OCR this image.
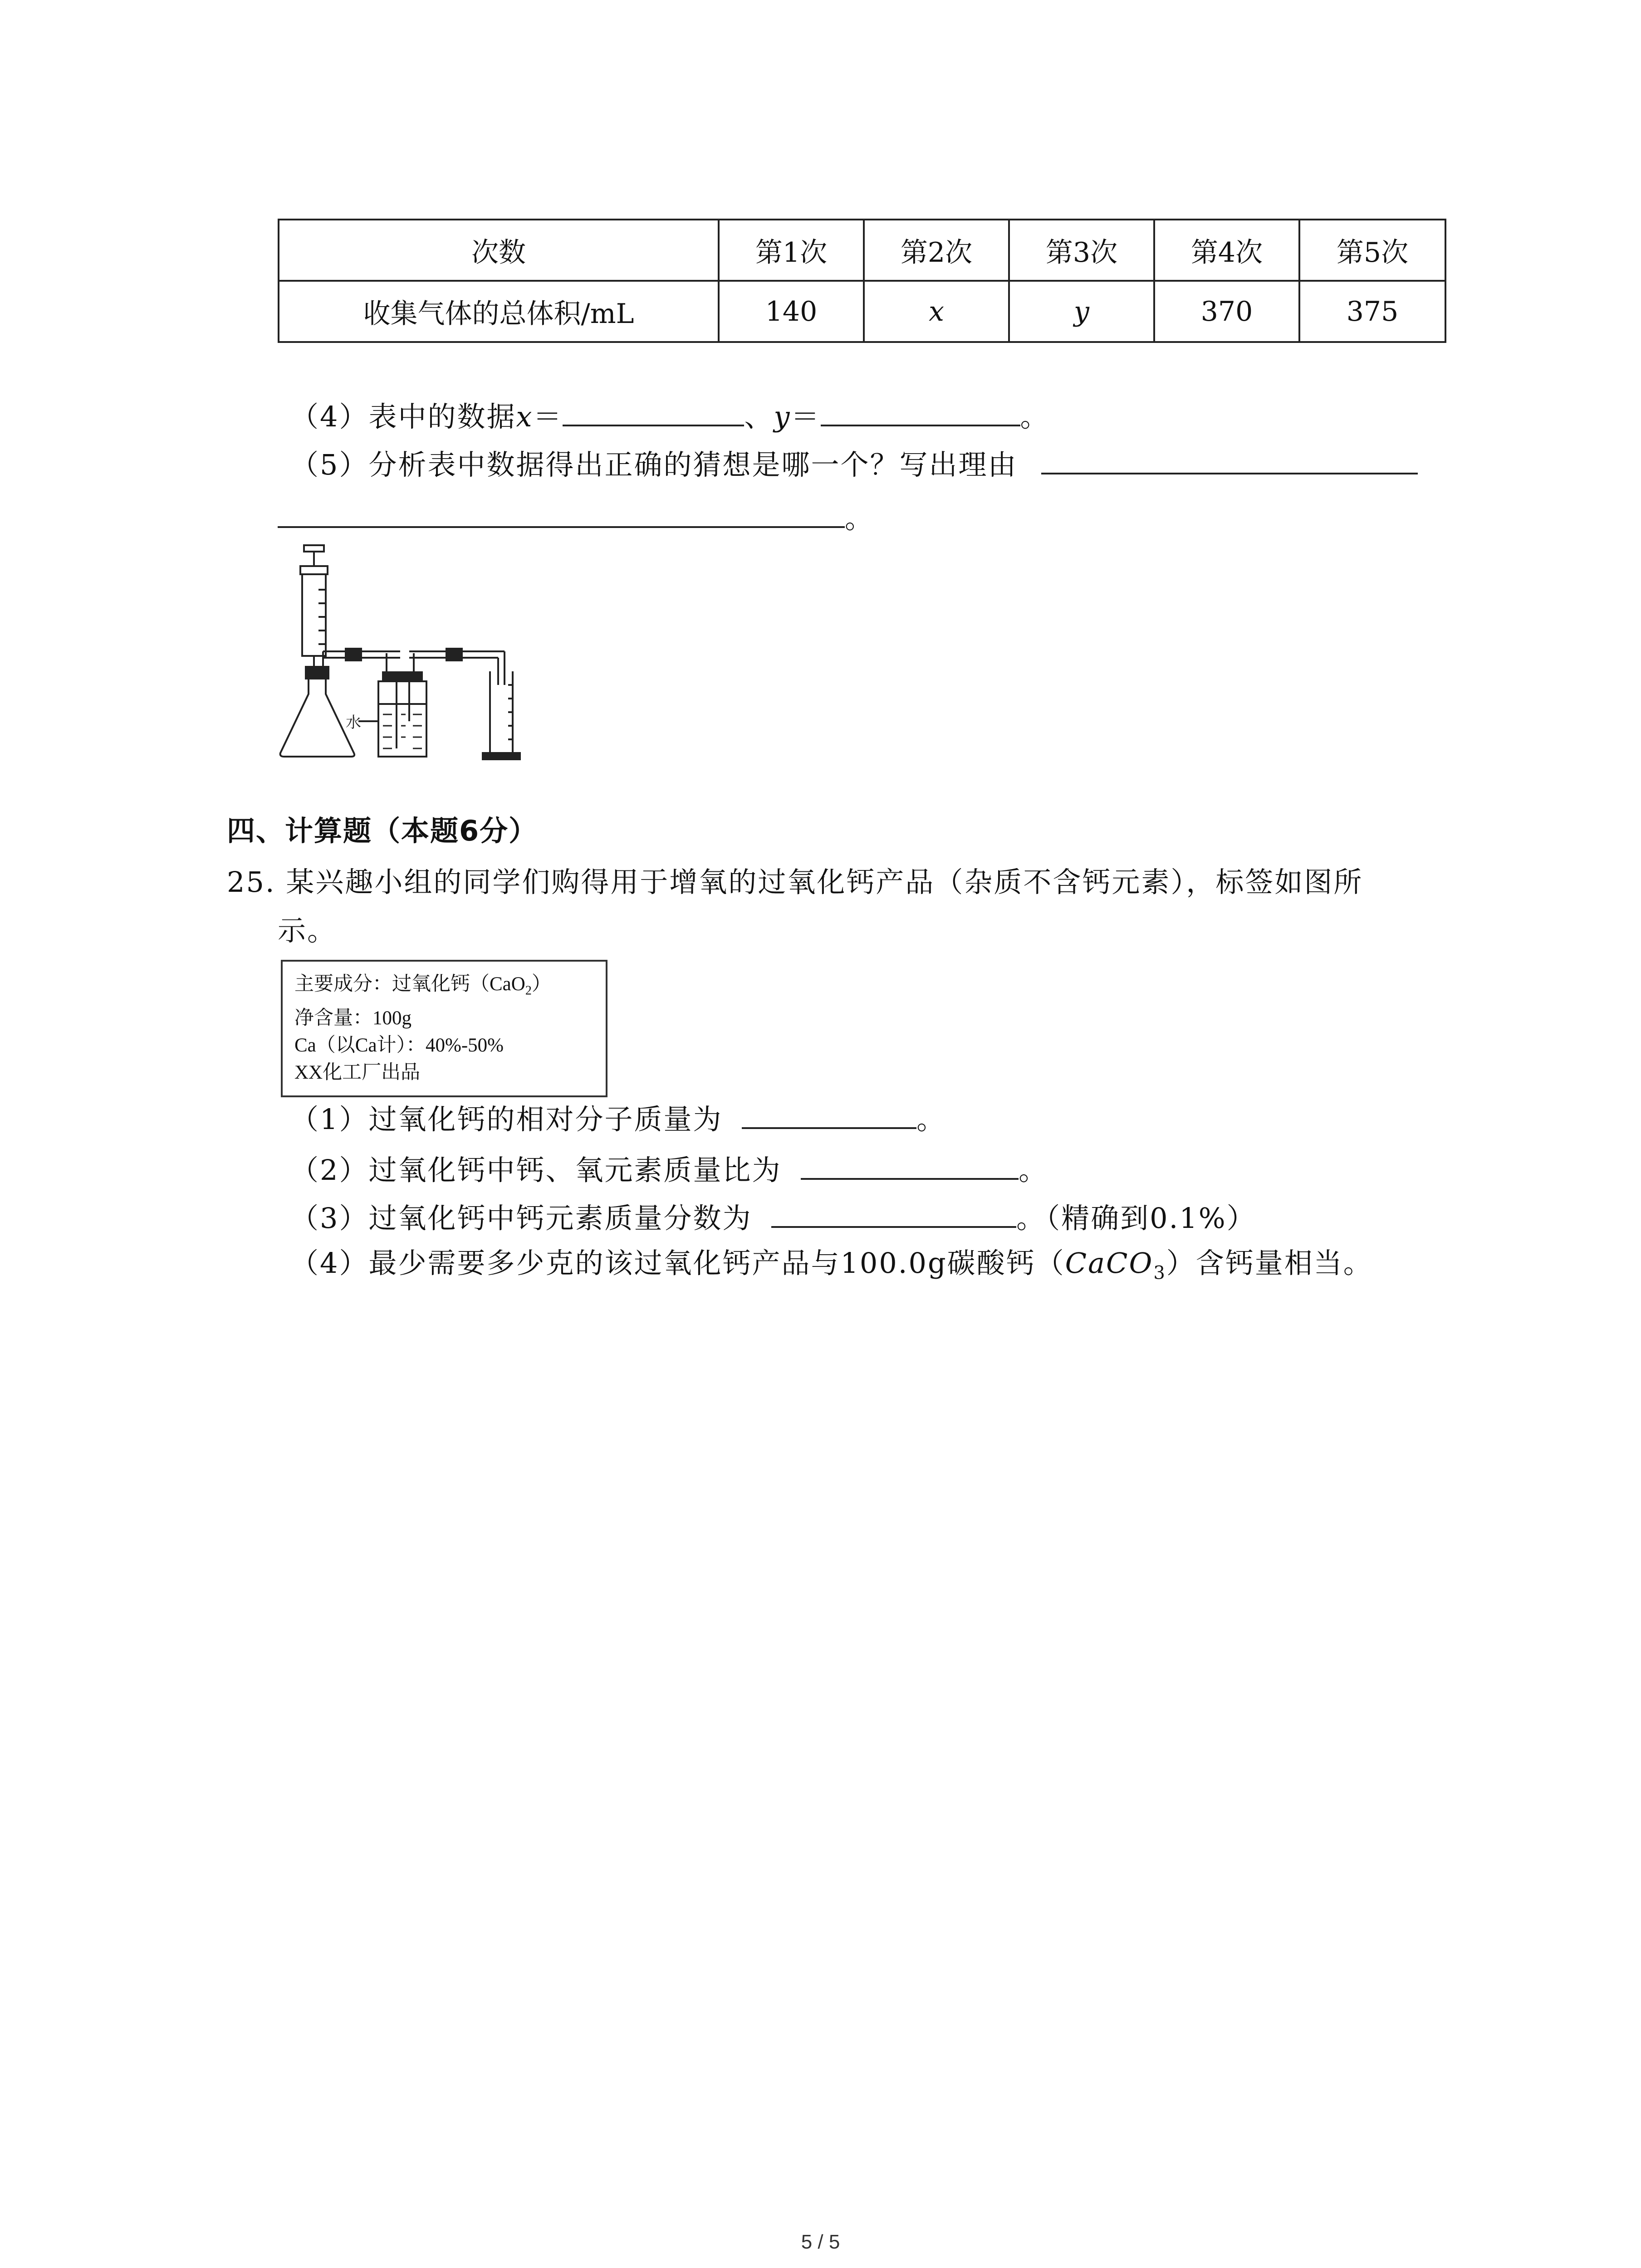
次数	第1次	第2次	第3次	第4次	第5次
收集气体的总体积/mL	140	x	y	370	375
（4）表中的数据x＝	、y＝	。
（5）分析表中数据得出正确的猜想是哪一个？写出理由
。
水
四、计算题（本题6分）
25. 某兴趣小组的同学们购得用于增氧的过氧化钙产品（杂质不含钙元素），标签如图所
示。
主要成分：过氧化钙（CaO$_2$）
净含量：100g
Ca（以Ca计）：40%-50%
XX化工厂出品
（1）过氧化钙的相对分子质量为	。
（2）过氧化钙中钙、氧元素质量比为	。
（3）过氧化钙中钙元素质量分数为	。（精确到0.1%）
（4）最少需要多少克的该过氧化钙产品与100.0g碳酸钙（CaCO$_3$）含钙量相当。
5 / 5
